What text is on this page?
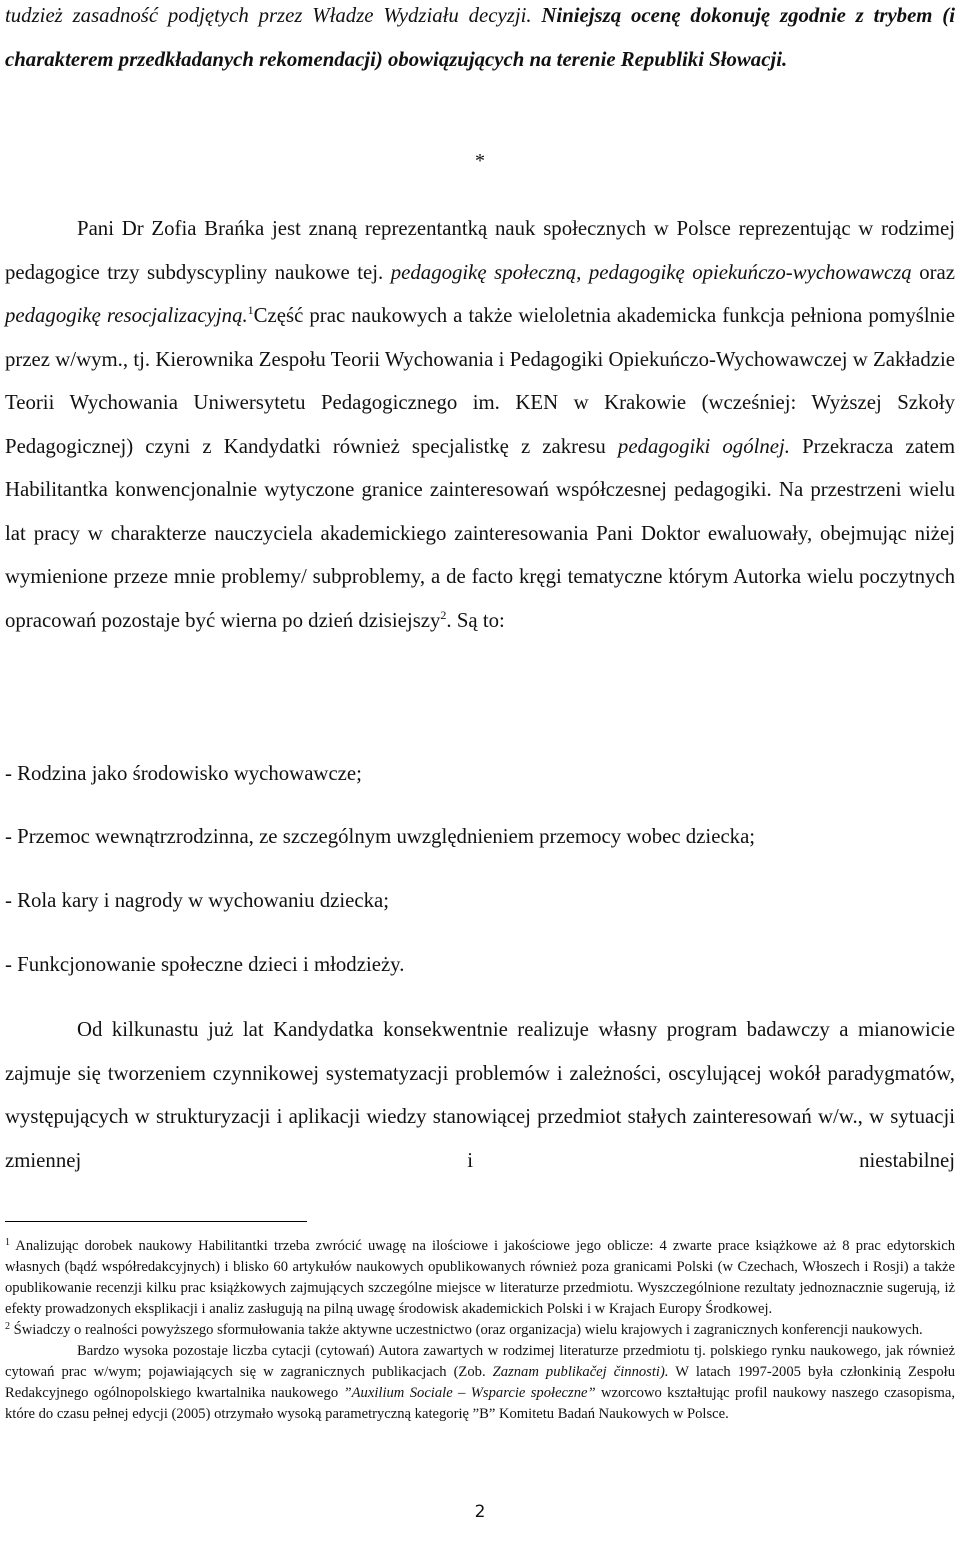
tudzież zasadność podjętych przez Władze Wydziału decyzji. Niniejszą ocenę dokonuję zgodnie z trybem (i charakterem przedkładanych rekomendacji) obowiązujących na terenie Republiki Słowacji.

*

Pani Dr Zofia Brańka jest znaną reprezentantką nauk społecznych w Polsce reprezentując w rodzimej pedagogice trzy subdyscypliny naukowe tej. pedagogikę społeczną, pedagogikę opiekuńczo-wychowawczą oraz pedagogikę resocjalizacyjną.$^1$Część prac naukowych a także wieloletnia akademicka funkcja pełniona pomyślnie przez w/wym., tj. Kierownika Zespołu Teorii Wychowania i Pedagogiki Opiekuńczo-Wychowawczej w Zakładzie Teorii Wychowania Uniwersytetu Pedagogicznego im. KEN w Krakowie (wcześniej: Wyższej Szkoły Pedagogicznej) czyni z Kandydatki również specjalistkę z zakresu pedagogiki ogólnej. Przekracza zatem Habilitantka konwencjonalnie wytyczone granice zainteresowań współczesnej pedagogiki. Na przestrzeni wielu lat pracy w charakterze nauczyciela akademickiego zainteresowania Pani Doktor ewaluowały, obejmując niżej wymienione przeze mnie problemy/ subproblemy, a de facto kręgi tematyczne którym Autorka wielu poczytnych opracowań pozostaje być wierna po dzień dzisiejszy$^2$. Są to:

- Rodzina jako środowisko wychowawcze;

- Przemoc wewnątrzrodzinna, ze szczególnym uwzględnieniem przemocy wobec dziecka;

- Rola kary i nagrody w wychowaniu dziecka;

- Funkcjonowanie społeczne dzieci i młodzieży.

Od kilkunastu już lat Kandydatka konsekwentnie realizuje własny program badawczy a mianowicie zajmuje się tworzeniem czynnikowej systematyzacji problemów i zależności, oscylującej wokół paradygmatów, występujących w strukturyzacji i aplikacji wiedzy stanowiącej przedmiot stałych zainteresowań w/w., w sytuacji zmiennej i niestabilnej

$^1$ Analizując dorobek naukowy Habilitantki trzeba zwrócić uwagę na ilościowe i jakościowe jego oblicze: 4 zwarte prace książkowe aż 8 prac edytorskich własnych (bądź współredakcyjnych) i blisko 60 artykułów naukowych opublikowanych również poza granicami Polski (w Czechach, Włoszech i Rosji) a także opublikowanie recenzji kilku prac książkowych zajmujących szczególne miejsce w literaturze przedmiotu. Wyszczególnione rezultaty jednoznacznie sugerują, iż efekty prowadzonych eksplikacji i analiz zasługują na pilną uwagę środowisk akademickich Polski i w Krajach Europy Środkowej.

$^2$ Świadczy o realności powyższego sformułowania także aktywne uczestnictwo (oraz organizacja) wielu krajowych i zagranicznych konferencji naukowych.

Bardzo wysoka pozostaje liczba cytacji (cytowań) Autora zawartych w rodzimej literaturze przedmiotu tj. polskiego rynku naukowego, jak również cytowań prac w/wym; pojawiających się w zagranicznych publikacjach (Zob. Zaznam publikačej činnosti). W latach 1997-2005 była członkinią Zespołu Redakcyjnego ogólnopolskiego kwartalnika naukowego ”Auxilium Sociale – Wsparcie społeczne” wzorcowo kształtując profil naukowy naszego czasopisma, które do czasu pełnej edycji (2005) otrzymało wysoką parametryczną kategorię ”B” Komitetu Badań Naukowych w Polsce.

2
